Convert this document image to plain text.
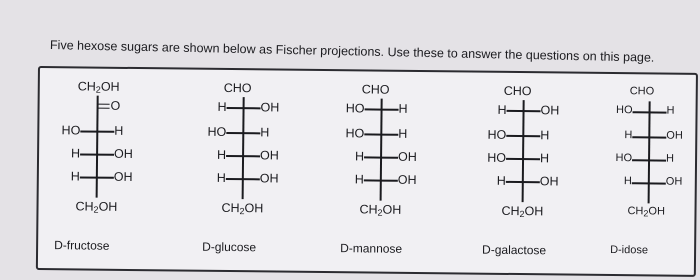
Five hexose sugars are shown below as Fischer projections. Use these to answer the questions on this page.
$CH_2OH$
O
HO	H
H	OH
H	OH
$CH_2OH$
D-fructose
CHO
H	OH
HO	H
H	OH
H	OH
$CH_2OH$
D-glucose
CHO
HO	H
HO	H
H	OH
H	OH
$CH_2OH$
D-mannose
CHO
H	OH
HO	H
HO	H
H	OH
$CH_2OH$
D-galactose
CHO
HO	H
H	OH
HO	H
H	OH
$CH_2OH$
D-idose
